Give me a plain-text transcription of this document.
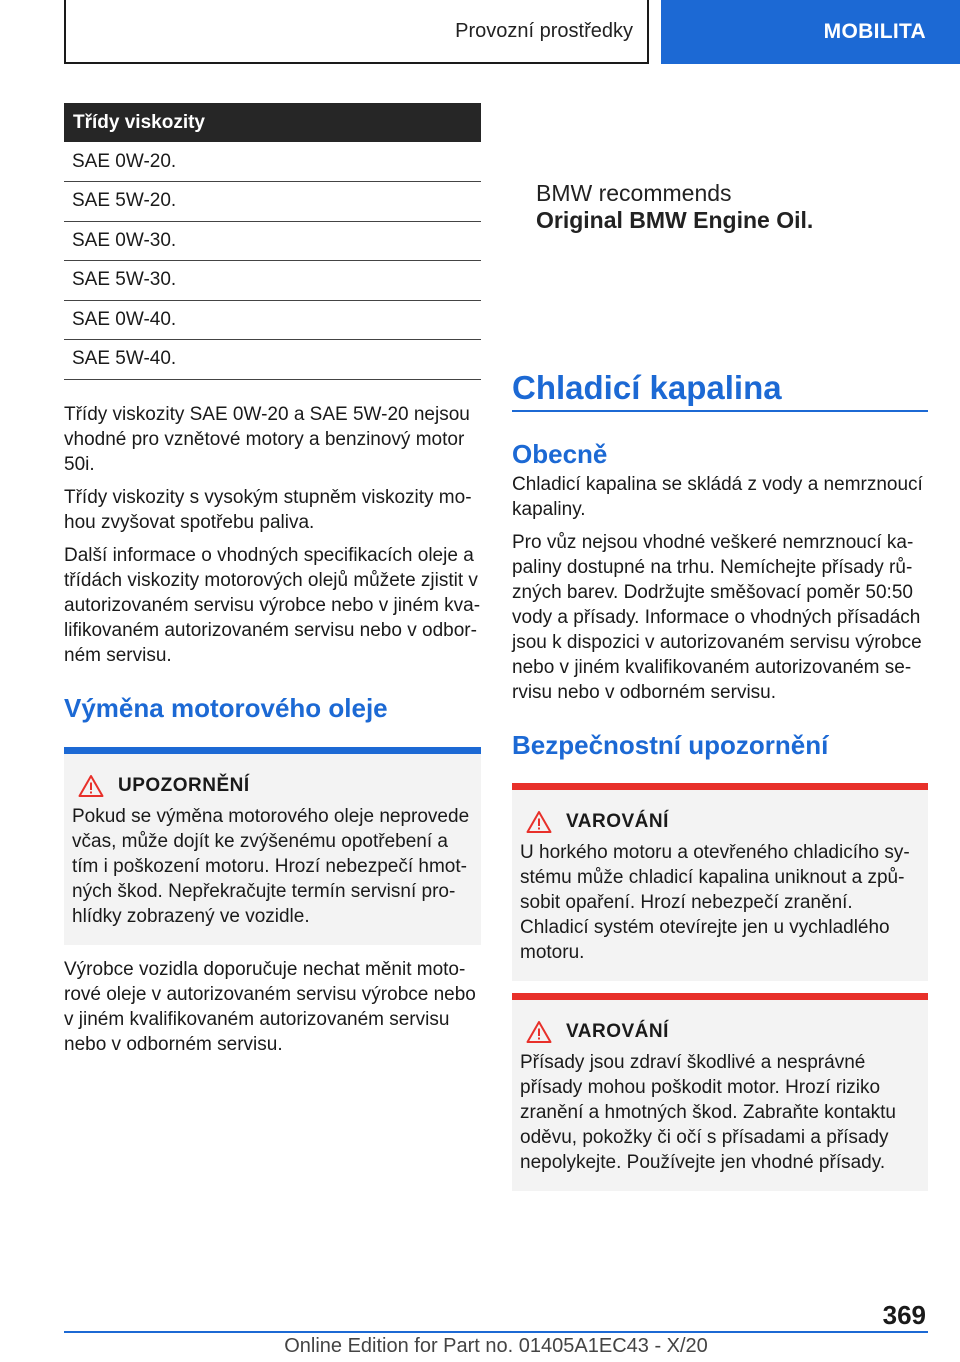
Provozní prostředky	MOBILITA
Třídy viskozity
SAE 0W-20.
SAE 5W-20.
SAE 0W-30.
SAE 5W-30.
SAE 0W-40.
SAE 5W-40.

Třídy viskozity SAE 0W-20 a SAE 5W-20 nejsou vhodné pro vznětové motory a benzinový motor 50i.

Třídy viskozity s vysokým stupněm viskozity mohou zvyšovat spotřebu paliva.

Další informace o vhodných specifikacích oleje a třídách viskozity motorových olejů můžete zjistit v autorizovaném servisu výrobce nebo v jiném kvalifikovaném autorizovaném servisu nebo v odborném servisu.

Výměna motorového oleje
UPOZORNĚNÍ

Pokud se výměna motorového oleje neprovede včas, může dojít ke zvýšenému opotřebení a tím i poškození motoru. Hrozí nebezpečí hmotných škod. Nepřekračujte termín servisní prohlídky zobrazený ve vozidle.

Výrobce vozidla doporučuje nechat měnit motorové oleje v autorizovaném servisu výrobce nebo v jiném kvalifikovaném autorizovaném servisu nebo v odborném servisu.

BMW recommends
Original BMW Engine Oil.
Chladicí kapalina
Obecně

Chladicí kapalina se skládá z vody a nemrznoucí kapaliny.

Pro vůz nejsou vhodné veškeré nemrznoucí kapaliny dostupné na trhu. Nemíchejte přísady různých barev. Dodržujte směšovací poměr 50:50 vody a přísady. Informace o vhodných přísadách jsou k dispozici v autorizovaném servisu výrobce nebo v jiném kvalifikovaném autorizovaném servisu nebo v odborném servisu.

Bezpečnostní upozornění
VAROVÁNÍ

U horkého motoru a otevřeného chladicího systému může chladicí kapalina uniknout a způsobit opaření. Hrozí nebezpečí zranění. Chladicí systém otevírejte jen u vychladlého motoru.

VAROVÁNÍ

Přísady jsou zdraví škodlivé a nesprávné přísady mohou poškodit motor. Hrozí riziko zranění a hmotných škod. Zabraňte kontaktu oděvu, pokožky či očí s přísadami a přísady nepolykejte. Používejte jen vhodné přísady.

369
Online Edition for Part no. 01405A1EC43 - X/20
